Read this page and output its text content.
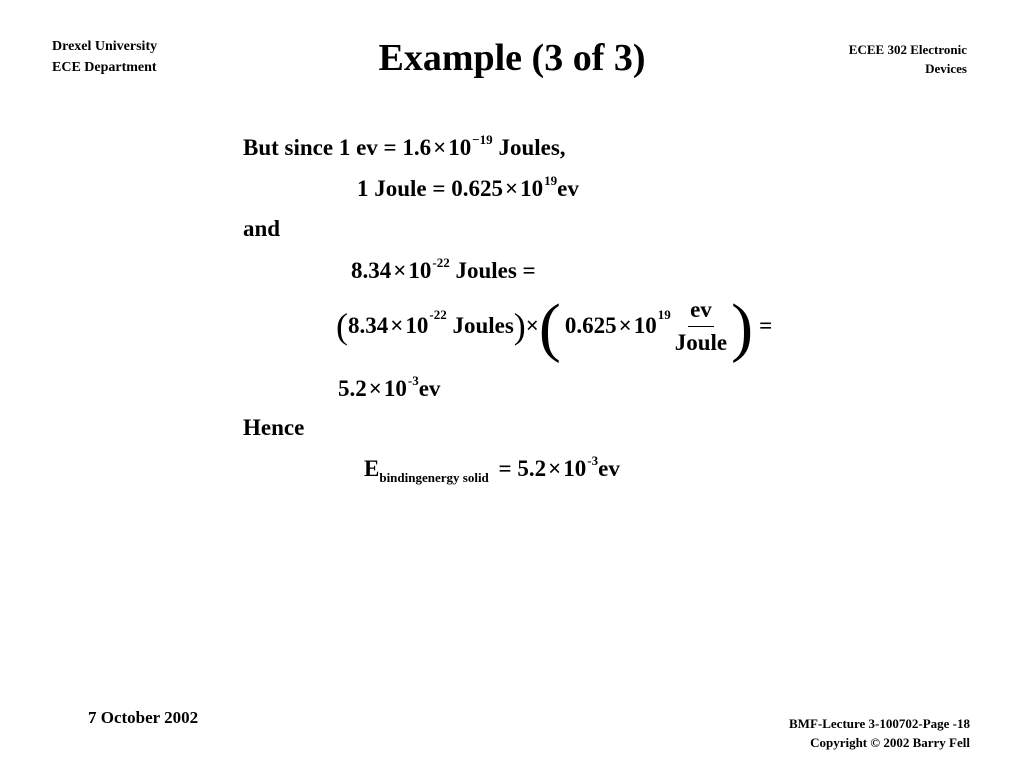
Drexel University
ECE Department	Example (3 of 3)	ECEE 302 Electronic
Devices
But since 1 ev = $1.6\times 10^{-19}$ Joules,
1 Joule = $0.625\times 10^{19}ev$
and
$8.34\times 10^{-22}$ Joules =
( 8.34 × 10 -22
Joules ) × ( 0.625 × 10 $19 \frac{ev}{\text{Joule}}$ ) =
$5.2\times 10^{-3}ev$
Hence
$E_{bindingenergy solid} = 5.2\times 10^{-3}ev$
7 October 2002	BMF-Lecture 3-100702-Page -18
Copyright © 2002 Barry Fell
